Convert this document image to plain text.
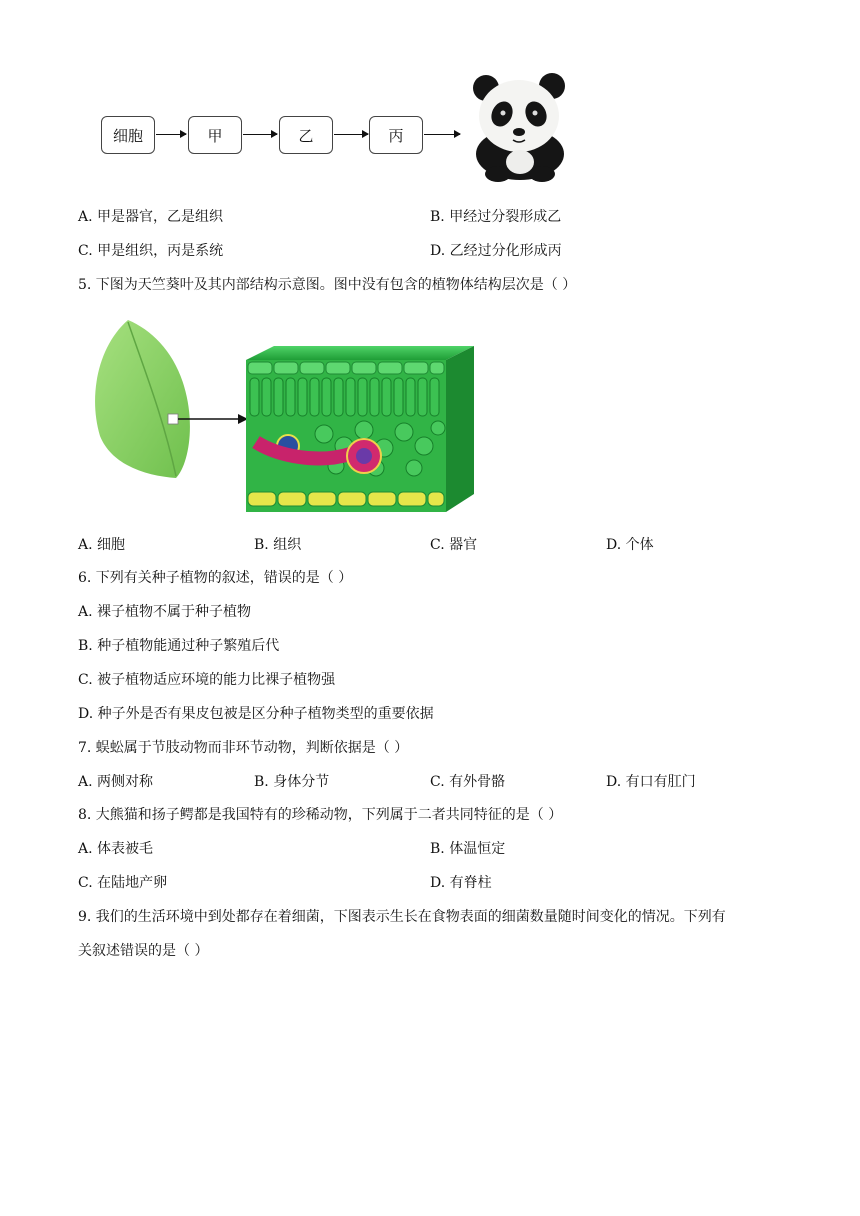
细胞	甲	乙	丙
A. 甲是器官，乙是组织	B. 甲经过分裂形成乙
C. 甲是组织，丙是系统	D. 乙经过分化形成丙
5. 下图为天竺葵叶及其内部结构示意图。图中没有包含的植物体结构层次是（ ）
A. 细胞	B. 组织	C. 器官	D. 个体
6. 下列有关种子植物的叙述，错误的是（ ）
A. 裸子植物不属于种子植物
B. 种子植物能通过种子繁殖后代
C. 被子植物适应环境的能力比裸子植物强
D. 种子外是否有果皮包被是区分种子植物类型的重要依据
7. 蜈蚣属于节肢动物而非环节动物，判断依据是（ ）
A. 两侧对称	B. 身体分节	C. 有外骨骼	D. 有口有肛门
8. 大熊猫和扬子鳄都是我国特有的珍稀动物，下列属于二者共同特征的是（ ）
A. 体表被毛	B. 体温恒定
C. 在陆地产卵	D. 有脊柱
9. 我们的生活环境中到处都存在着细菌，下图表示生长在食物表面的细菌数量随时间变化的情况。下列有
关叙述错误的是（ ）
